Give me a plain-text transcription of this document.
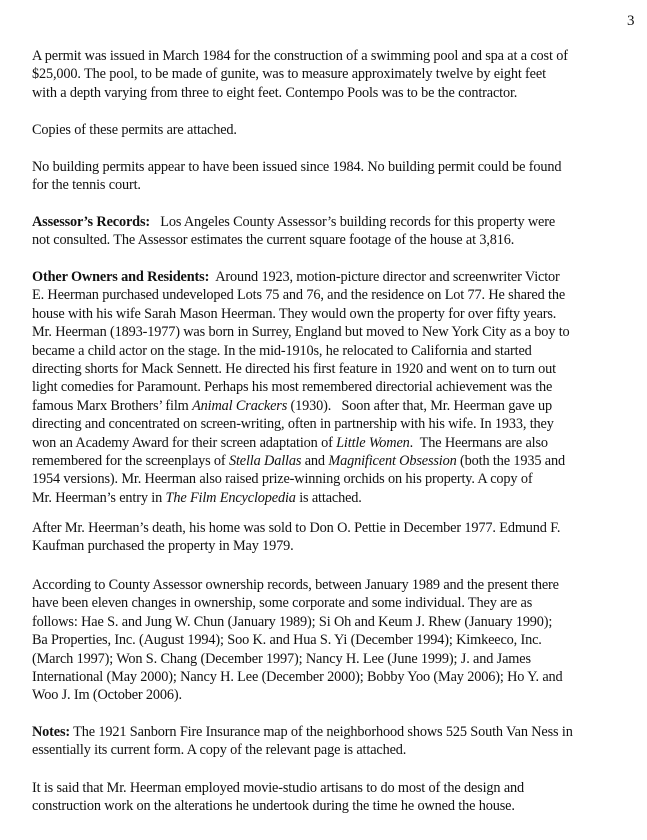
3
A permit was issued in March 1984 for the construction of a swimming pool and spa at a cost of
$25,000. The pool, to be made of gunite, was to measure approximately twelve by eight feet
with a depth varying from three to eight feet. Contempo Pools was to be the contractor.
Copies of these permits are attached.
No building permits appear to have been issued since 1984. No building permit could be found
for the tennis court.
Assessor’s Records:   Los Angeles County Assessor’s building records for this property were
not consulted. The Assessor estimates the current square footage of the house at 3,816.
Other Owners and Residents:  Around 1923, motion-picture director and screenwriter Victor
E. Heerman purchased undeveloped Lots 75 and 76, and the residence on Lot 77. He shared the
house with his wife Sarah Mason Heerman. They would own the property for over fifty years.
Mr. Heerman (1893-1977) was born in Surrey, England but moved to New York City as a boy to
became a child actor on the stage. In the mid-1910s, he relocated to California and started
directing shorts for Mack Sennett. He directed his first feature in 1920 and went on to turn out
light comedies for Paramount. Perhaps his most remembered directorial achievement was the
famous Marx Brothers’ film Animal Crackers (1930).   Soon after that, Mr. Heerman gave up
directing and concentrated on screen-writing, often in partnership with his wife. In 1933, they
won an Academy Award for their screen adaptation of Little Women.  The Heermans are also
remembered for the screenplays of Stella Dallas and Magnificent Obsession (both the 1935 and
1954 versions). Mr. Heerman also raised prize-winning orchids on his property. A copy of
Mr. Heerman’s entry in The Film Encyclopedia is attached.
After Mr. Heerman’s death, his home was sold to Don O. Pettie in December 1977. Edmund F.
Kaufman purchased the property in May 1979.
According to County Assessor ownership records, between January 1989 and the present there
have been eleven changes in ownership, some corporate and some individual. They are as
follows: Hae S. and Jung W. Chun (January 1989); Si Oh and Keum J. Rhew (January 1990);
Ba Properties, Inc. (August 1994); Soo K. and Hua S. Yi (December 1994); Kimkeeco, Inc.
(March 1997); Won S. Chang (December 1997); Nancy H. Lee (June 1999); J. and James
International (May 2000); Nancy H. Lee (December 2000); Bobby Yoo (May 2006); Ho Y. and
Woo J. Im (October 2006).
Notes: The 1921 Sanborn Fire Insurance map of the neighborhood shows 525 South Van Ness in
essentially its current form. A copy of the relevant page is attached.
It is said that Mr. Heerman employed movie-studio artisans to do most of the design and
construction work on the alterations he undertook during the time he owned the house.
